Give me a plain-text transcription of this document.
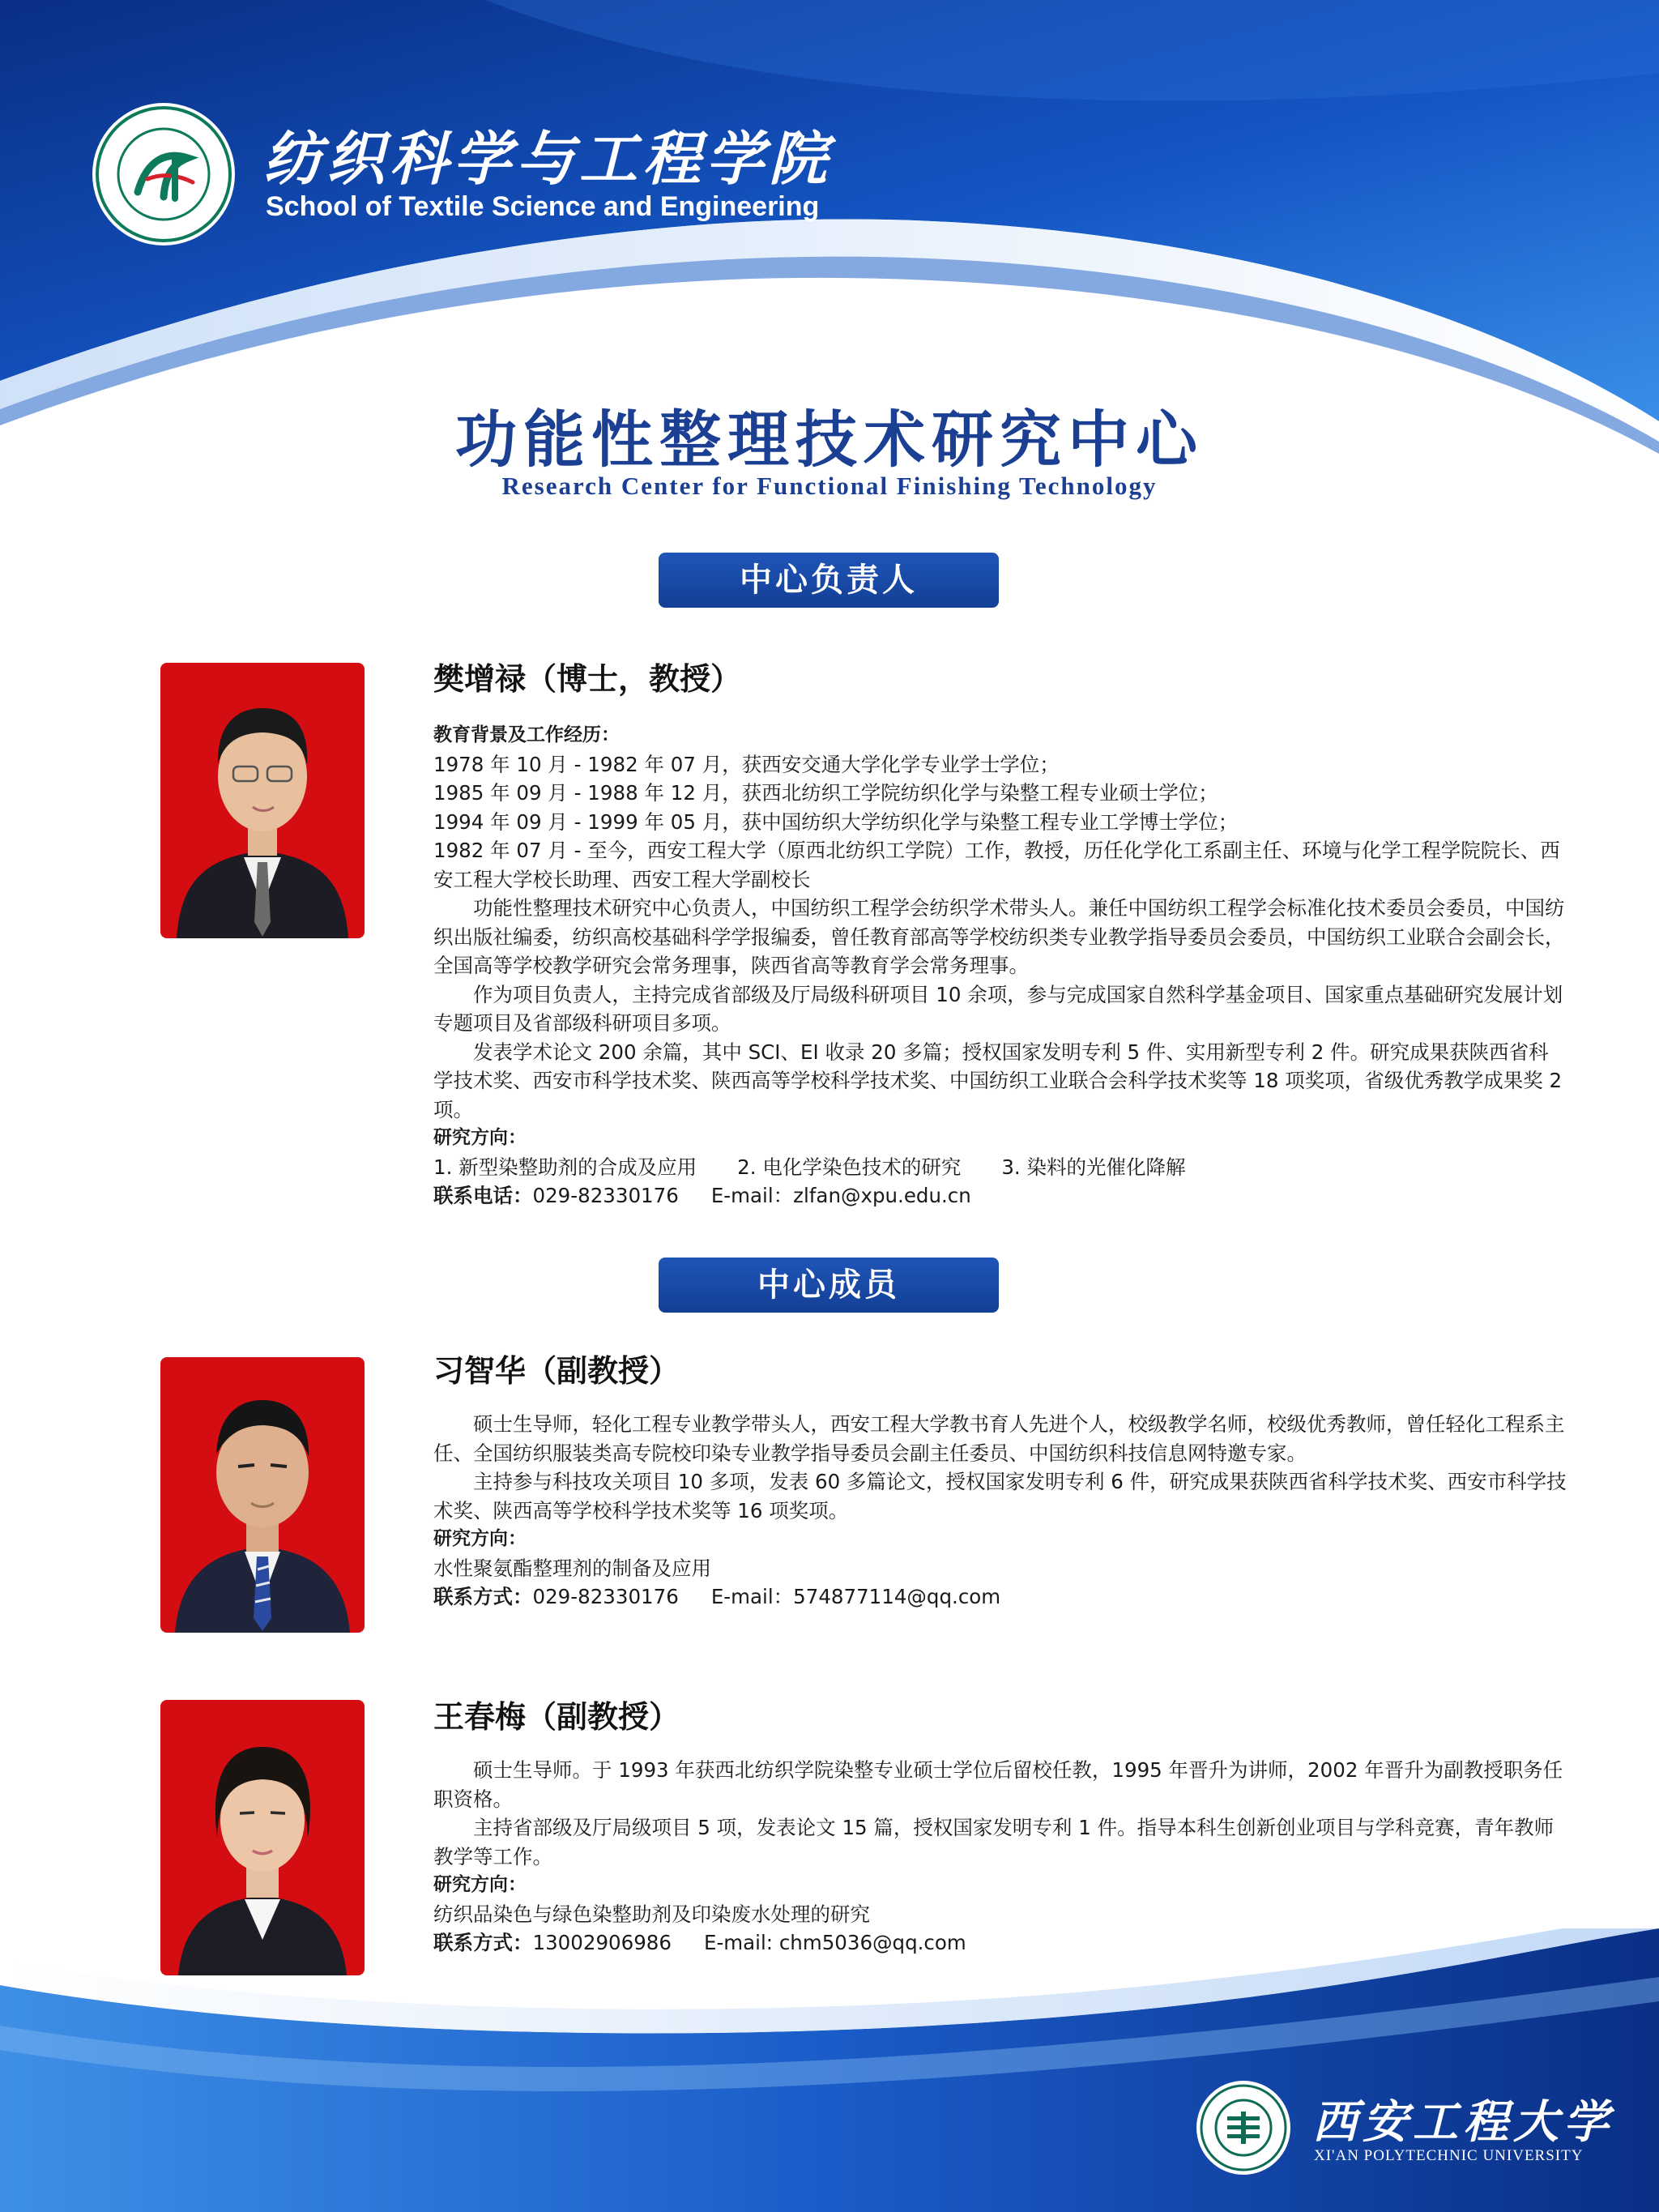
纺织科学与工程学院
School of Textile Science and Engineering
功能性整理技术研究中心
Research Center for Functional Finishing Technology
中心负责人
樊增禄（博士，教授）

教育背景及工作经历：

1978 年 10 月 - 1982 年 07 月，获西安交通大学化学专业学士学位；

1985 年 09 月 - 1988 年 12 月，获西北纺织工学院纺织化学与染整工程专业硕士学位；

1994 年 09 月 - 1999 年 05 月，获中国纺织大学纺织化学与染整工程专业工学博士学位；

1982 年 07 月 - 至今，西安工程大学（原西北纺织工学院）工作，教授，历任化学化工系副主任、环境与化学工程学院院长、西安工程大学校长助理、西安工程大学副校长

功能性整理技术研究中心负责人，中国纺织工程学会纺织学术带头人。兼任中国纺织工程学会标准化技术委员会委员，中国纺织出版社编委，纺织高校基础科学学报编委，曾任教育部高等学校纺织类专业教学指导委员会委员，中国纺织工业联合会副会长，全国高等学校教学研究会常务理事，陕西省高等教育学会常务理事。

作为项目负责人，主持完成省部级及厅局级科研项目 10 余项，参与完成国家自然科学基金项目、国家重点基础研究发展计划专题项目及省部级科研项目多项。

发表学术论文 200 余篇，其中 SCI、EI 收录 20 多篇；授权国家发明专利 5 件、实用新型专利 2 件。研究成果获陕西省科学技术奖、西安市科学技术奖、陕西高等学校科学技术奖、中国纺织工业联合会科学技术奖等 18 项奖项，省级优秀教学成果奖 2 项。

研究方向：

1. 新型染整助剂的合成及应用 2. 电化学染色技术的研究 3. 染料的光催化降解

联系电话：029-82330176 E-mail：zlfan@xpu.edu.cn

中心成员
习智华（副教授）

硕士生导师，轻化工程专业教学带头人，西安工程大学教书育人先进个人，校级教学名师，校级优秀教师，曾任轻化工程系主任、全国纺织服装类高专院校印染专业教学指导委员会副主任委员、中国纺织科技信息网特邀专家。

主持参与科技攻关项目 10 多项，发表 60 多篇论文，授权国家发明专利 6 件，研究成果获陕西省科学技术奖、西安市科学技术奖、陕西高等学校科学技术奖等 16 项奖项。

研究方向：

水性聚氨酯整理剂的制备及应用

联系方式：029-82330176 E-mail：574877114@qq.com

王春梅（副教授）

硕士生导师。于 1993 年获西北纺织学院染整专业硕士学位后留校任教，1995 年晋升为讲师，2002 年晋升为副教授职务任职资格。

主持省部级及厅局级项目 5 项，发表论文 15 篇，授权国家发明专利 1 件。指导本科生创新创业项目与学科竞赛，青年教师教学等工作。

研究方向：

纺织品染色与绿色染整助剂及印染废水处理的研究

联系方式：13002906986 E-mail: chm5036@qq.com

西安工程大学
XI'AN POLYTECHNIC UNIVERSITY
